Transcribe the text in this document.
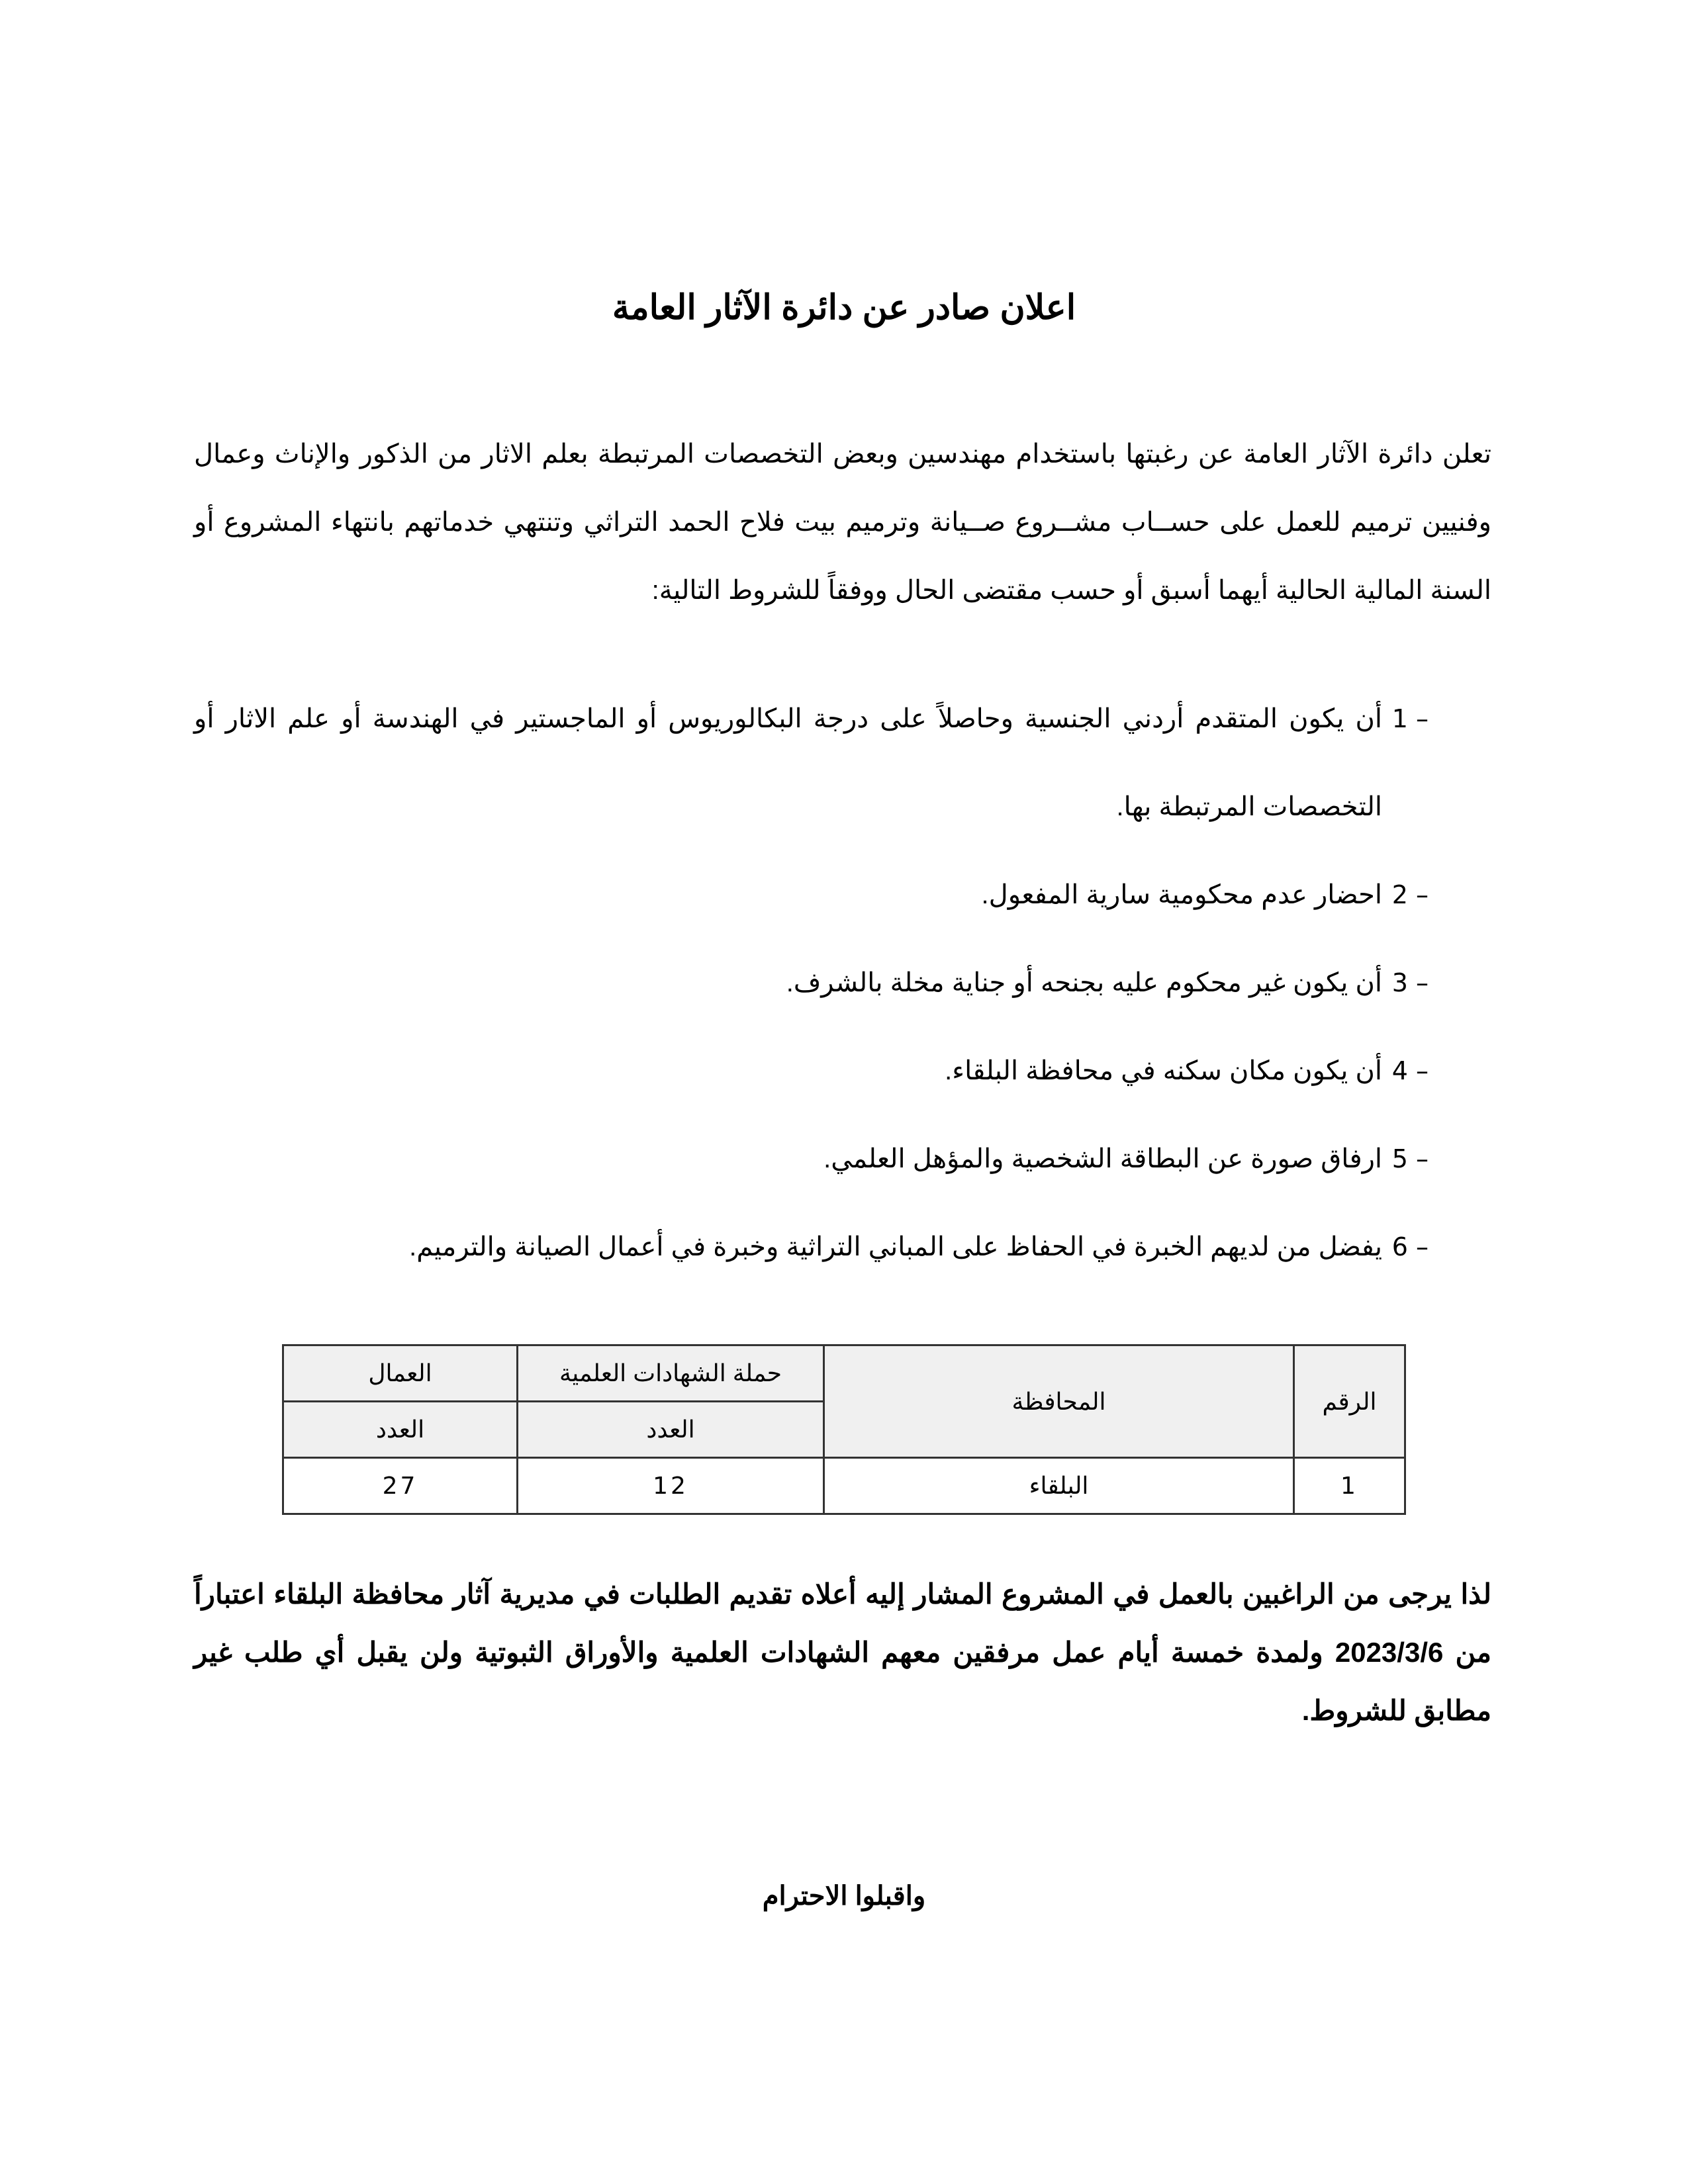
اعلان صادر عن دائرة الآثار العامة

تعلن دائرة الآثار العامة عن رغبتها باستخدام مهندسين وبعض التخصصات المرتبطة بعلم الاثار من الذكور والإناث وعمال وفنيين ترميم للعمل على حســاب مشــروع صــيانة وترميم بيت فلاح الحمد التراثي وتنتهي خدماتهم بانتهاء المشروع أو السنة المالية الحالية أيهما أسبق أو حسب مقتضى الحال ووفقاً للشروط التالية:

1 –
أن يكون المتقدم أردني الجنسية وحاصلاً على درجة البكالوريوس أو الماجستير في الهندسة أو علم الاثار أو التخصصات المرتبطة بها.
2 –
احضار عدم محكومية سارية المفعول.
3 –
أن يكون غير محكوم عليه بجنحه أو جناية مخلة بالشرف.
4 –
أن يكون مكان سكنه في محافظة البلقاء.
5 –
ارفاق صورة عن البطاقة الشخصية والمؤهل العلمي.
6 –
يفضل من لديهم الخبرة في الحفاظ على المباني التراثية وخبرة في أعمال الصيانة والترميم.
الرقم	المحافظة	حملة الشهادات العلمية	العمال
		العدد	العدد
1	البلقاء	12	27

لذا يرجى من الراغبين بالعمل في المشروع المشار إليه أعلاه تقديم الطلبات في مديرية آثار محافظة البلقاء اعتباراً من 2023/3/6 ولمدة خمسة أيام عمل مرفقين معهم الشهادات العلمية والأوراق الثبوتية ولن يقبل أي طلب غير مطابق للشروط.

واقبلوا الاحترام
